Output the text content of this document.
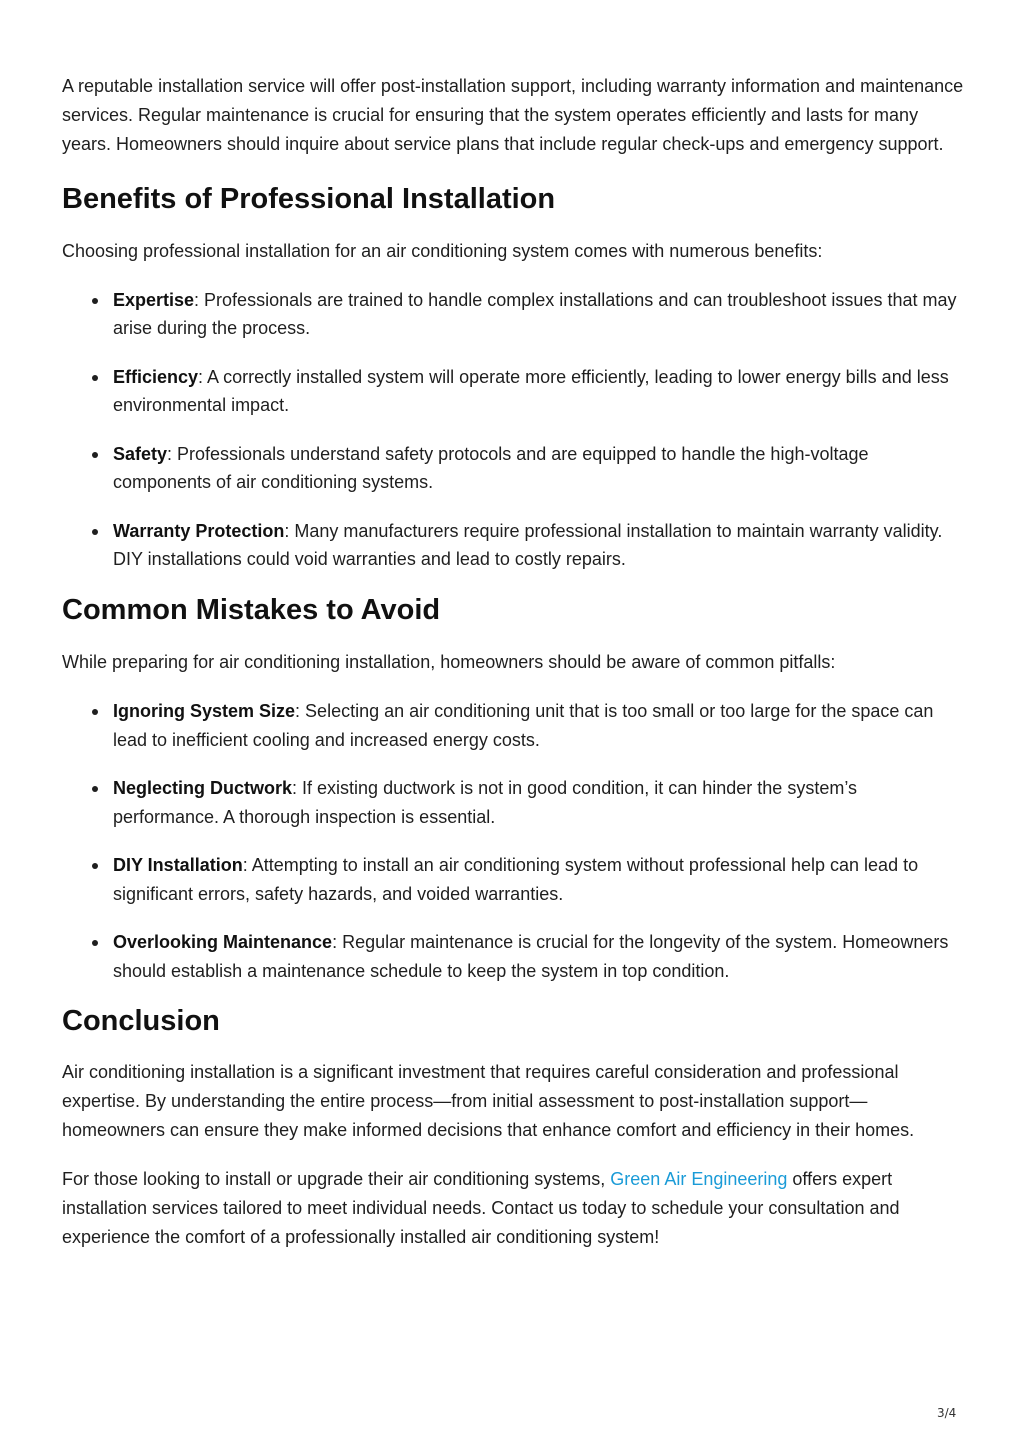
A reputable installation service will offer post-installation support, including warranty information and maintenance services. Regular maintenance is crucial for ensuring that the system operates efficiently and lasts for many years. Homeowners should inquire about service plans that include regular check-ups and emergency support.

Benefits of Professional Installation

Choosing professional installation for an air conditioning system comes with numerous benefits:

Expertise: Professionals are trained to handle complex installations and can troubleshoot issues that may arise during the process.
Efficiency: A correctly installed system will operate more efficiently, leading to lower energy bills and less environmental impact.
Safety: Professionals understand safety protocols and are equipped to handle the high-voltage components of air conditioning systems.
Warranty Protection: Many manufacturers require professional installation to maintain warranty validity. DIY installations could void warranties and lead to costly repairs.
Common Mistakes to Avoid

While preparing for air conditioning installation, homeowners should be aware of common pitfalls:

Ignoring System Size: Selecting an air conditioning unit that is too small or too large for the space can lead to inefficient cooling and increased energy costs.
Neglecting Ductwork: If existing ductwork is not in good condition, it can hinder the system’s performance. A thorough inspection is essential.
DIY Installation: Attempting to install an air conditioning system without professional help can lead to significant errors, safety hazards, and voided warranties.
Overlooking Maintenance: Regular maintenance is crucial for the longevity of the system. Homeowners should establish a maintenance schedule to keep the system in top condition.
Conclusion

Air conditioning installation is a significant investment that requires careful consideration and professional expertise. By understanding the entire process—from initial assessment to post-installation support—homeowners can ensure they make informed decisions that enhance comfort and efficiency in their homes.

For those looking to install or upgrade their air conditioning systems, Green Air Engineering offers expert installation services tailored to meet individual needs. Contact us today to schedule your consultation and experience the comfort of a professionally installed air conditioning system!

3/4
